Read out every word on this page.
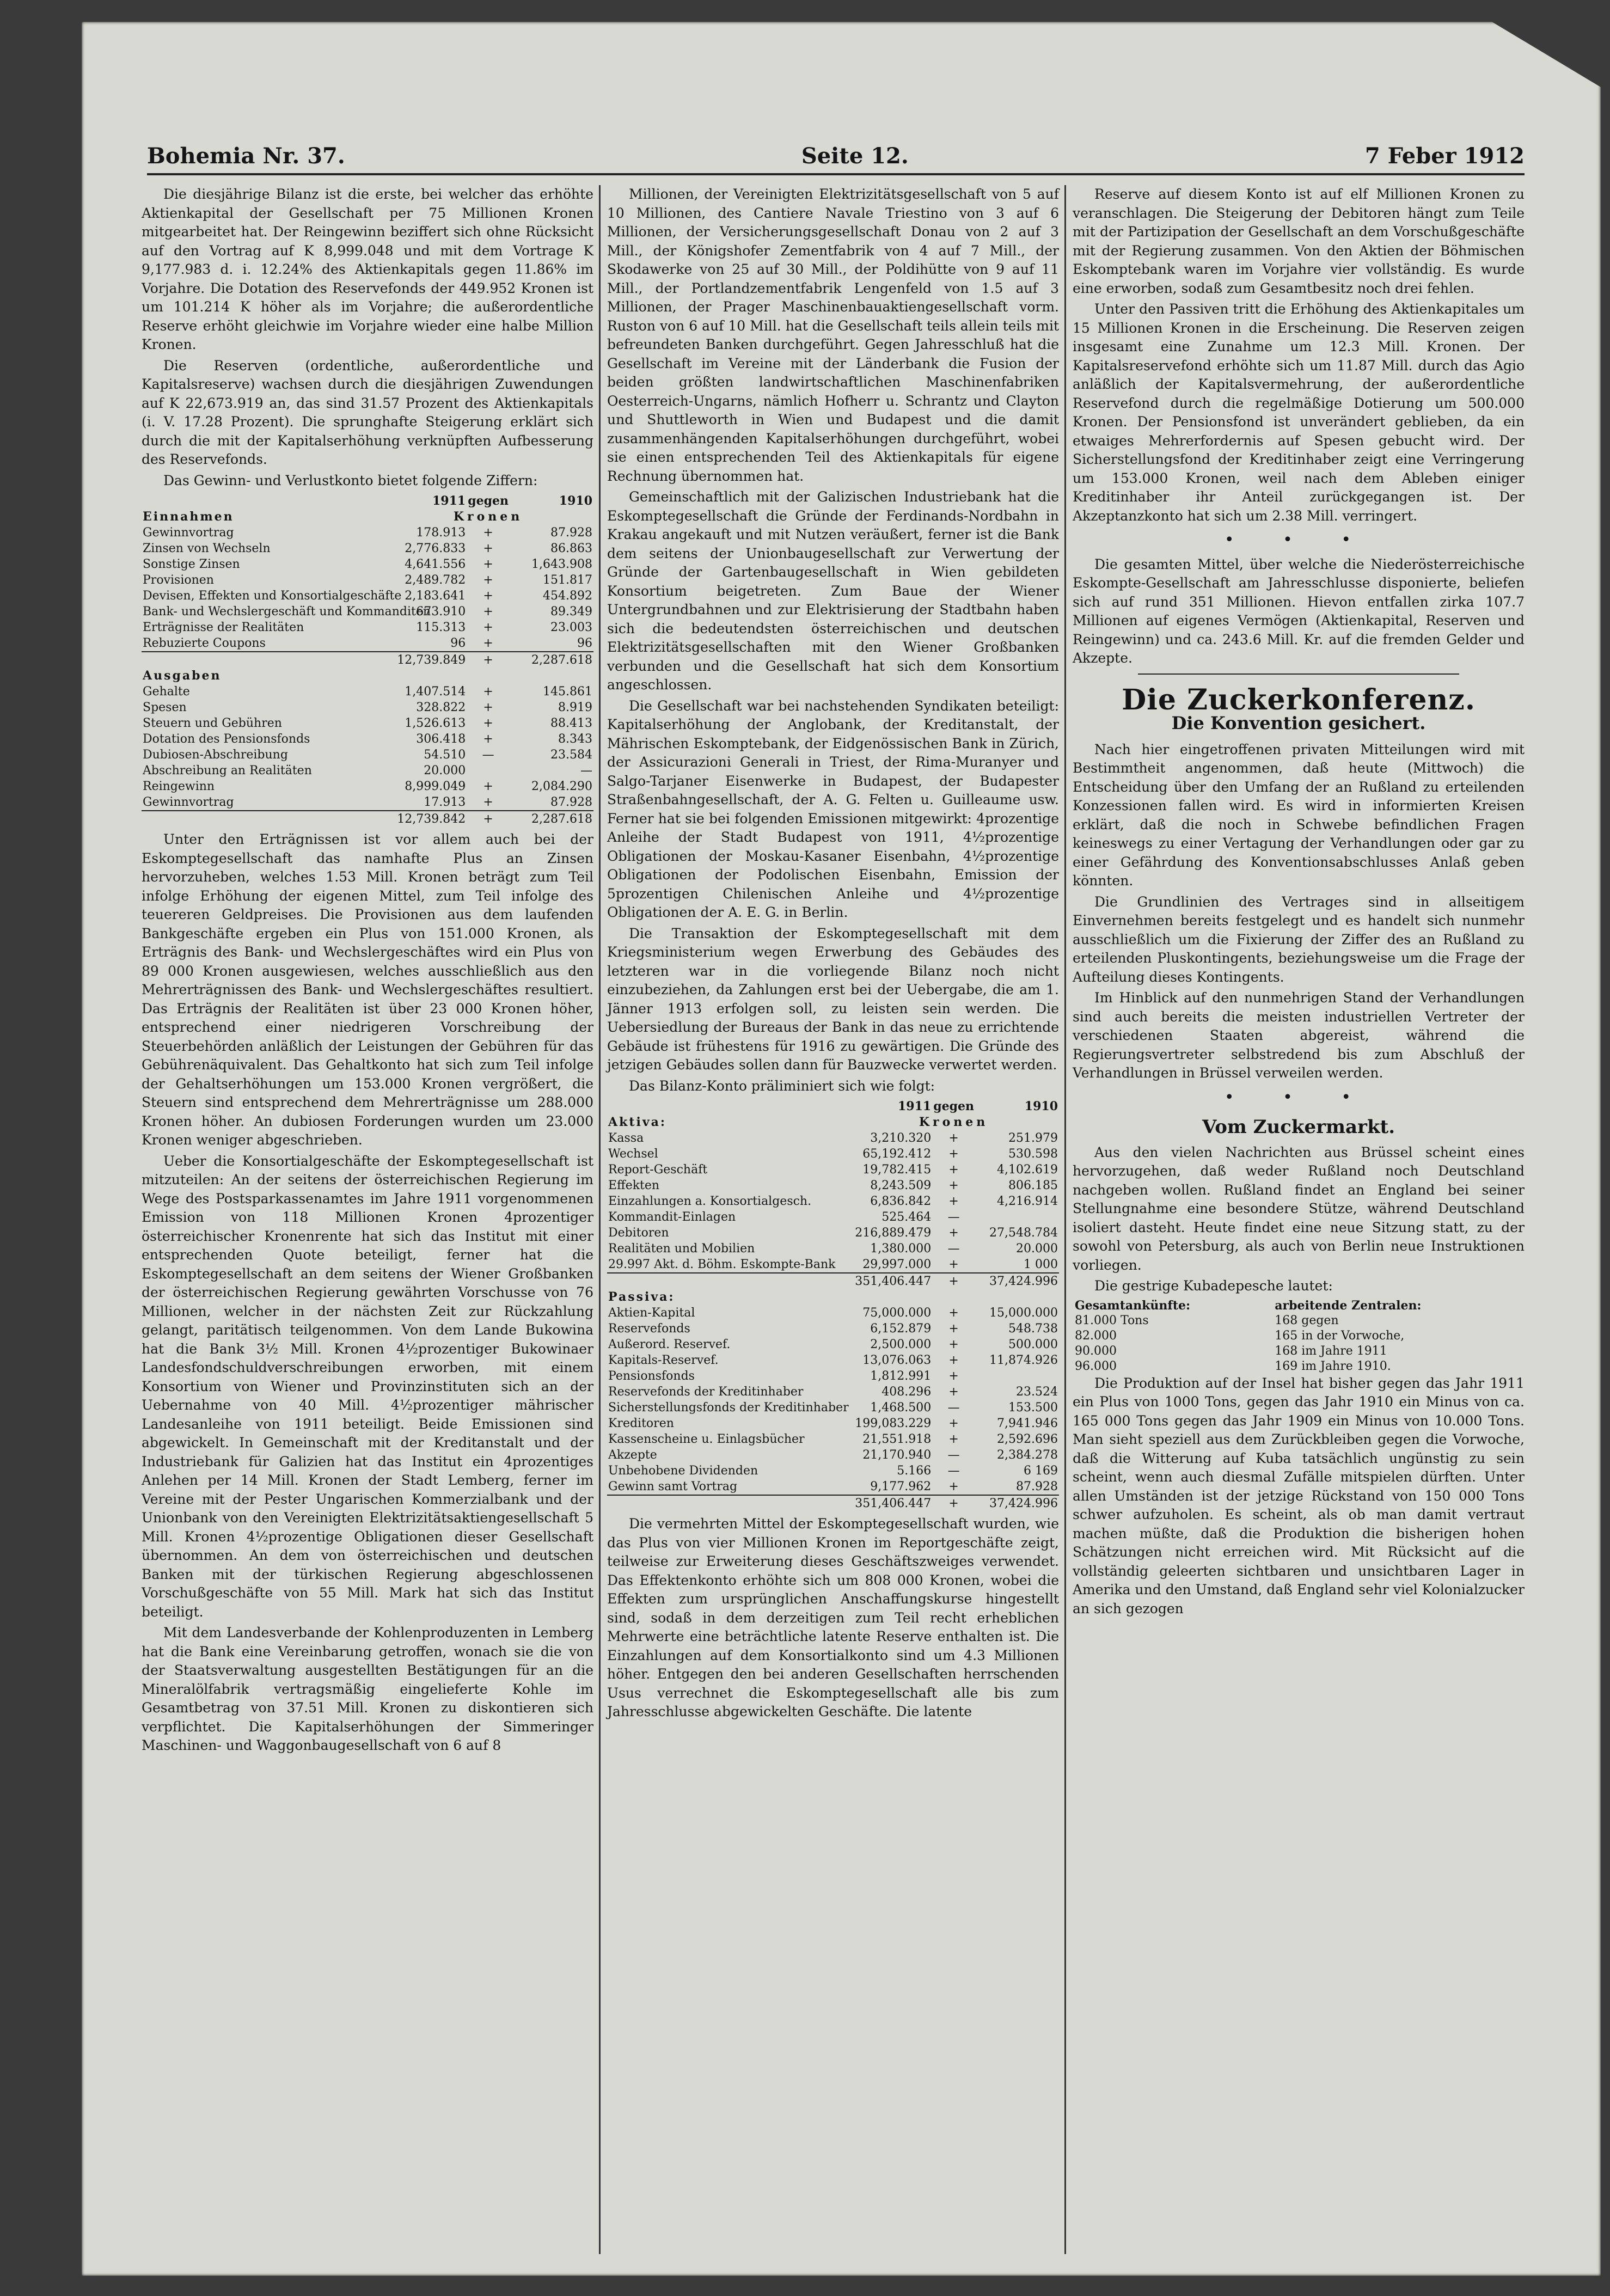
Bohemia Nr. 37.	Seite 12.	7 Feber 1912

Die diesjährige Bilanz ist die erste, bei welcher das erhöhte Aktienkapital der Gesellschaft per 75 Millionen Kronen mitgearbeitet hat. Der Reingewinn beziffert sich ohne Rücksicht auf den Vortrag auf K 8,999.048 und mit dem Vortrage K 9,177.983 d. i. 12.24% des Aktienkapitals gegen 11.86% im Vorjahre. Die Dotation des Reservefonds der 449.952 Kronen ist um 101.214 K höher als im Vorjahre; die außerordentliche Reserve erhöht gleichwie im Vorjahre wieder eine halbe Million Kronen.

Die Reserven (ordentliche, außerordentliche und Kapitalsreserve) wachsen durch die diesjährigen Zuwendungen auf K 22,673.919 an, das sind 31.57 Prozent des Aktienkapitals (i. V. 17.28 Prozent). Die sprunghafte Steigerung erklärt sich durch die mit der Kapitalserhöhung verknüpften Aufbesserung des Reservefonds.

Das Gewinn- und Verlustkonto bietet folgende Ziffern:

	1911	gegen	1910
Einnahmen	Kronen		
Gewinnvortrag	178.913	+	87.928
Zinsen von Wechseln	2,776.833	+	86.863
Sonstige Zinsen	4,641.556	+	1,643.908
Provisionen	2,489.782	+	151.817
Devisen, Effekten und Konsortialgeschäfte	2,183.641	+	454.892
Bank- und Wechslergeschäft und Kommanditen	673.910	+	89.349
Erträgnisse der Realitäten	115.313	+	23.003
Rebuzierte Coupons	96	+	96
	12,739.849	+	2,287.618
Ausgaben			
Gehalte	1,407.514	+	145.861
Spesen	328.822	+	8.919
Steuern und Gebühren	1,526.613	+	88.413
Dotation des Pensionsfonds	306.418	+	8.343
Dubiosen-Abschreibung	54.510	—	23.584
Abschreibung an Realitäten	20.000		—
Reingewinn	8,999.049	+	2,084.290
Gewinnvortrag	17.913	+	87.928
	12,739.842	+	2,287.618

Unter den Erträgnissen ist vor allem auch bei der Eskomptegesellschaft das namhafte Plus an Zinsen hervorzuheben, welches 1.53 Mill. Kronen beträgt zum Teil infolge Erhöhung der eigenen Mittel, zum Teil infolge des teuereren Geldpreises. Die Provisionen aus dem laufenden Bankgeschäfte ergeben ein Plus von 151.000 Kronen, als Erträgnis des Bank- und Wechslergeschäftes wird ein Plus von 89 000 Kronen ausgewiesen, welches ausschließlich aus den Mehrerträgnissen des Bank- und Wechslergeschäftes resultiert. Das Erträgnis der Realitäten ist über 23 000 Kronen höher, entsprechend einer niedrigeren Vorschreibung der Steuerbehörden anläßlich der Leistungen der Gebühren für das Gebührenäquivalent. Das Gehaltkonto hat sich zum Teil infolge der Gehaltserhöhungen um 153.000 Kronen vergrößert, die Steuern sind entsprechend dem Mehrerträgnisse um 288.000 Kronen höher. An dubiosen Forderungen wurden um 23.000 Kronen weniger abgeschrieben.

Ueber die Konsortialgeschäfte der Eskomptegesellschaft ist mitzuteilen: An der seitens der österreichischen Regierung im Wege des Postsparkassenamtes im Jahre 1911 vorgenommenen Emission von 118 Millionen Kronen 4prozentiger österreichischer Kronenrente hat sich das Institut mit einer entsprechenden Quote beteiligt, ferner hat die Eskomptegesellschaft an dem seitens der Wiener Großbanken der österreichischen Regierung gewährten Vorschusse von 76 Millionen, welcher in der nächsten Zeit zur Rückzahlung gelangt, paritätisch teilgenommen. Von dem Lande Bukowina hat die Bank 3½ Mill. Kronen 4½prozentiger Bukowinaer Landesfondschuldverschreibungen erworben, mit einem Konsortium von Wiener und Provinzinstituten sich an der Uebernahme von 40 Mill. 4½prozentiger mährischer Landesanleihe von 1911 beteiligt. Beide Emissionen sind abgewickelt. In Gemeinschaft mit der Kreditanstalt und der Industriebank für Galizien hat das Institut ein 4prozentiges Anlehen per 14 Mill. Kronen der Stadt Lemberg, ferner im Vereine mit der Pester Ungarischen Kommerzialbank und der Unionbank von den Vereinigten Elektrizitätsaktiengesellschaft 5 Mill. Kronen 4½prozentige Obligationen dieser Gesellschaft übernommen. An dem von österreichischen und deutschen Banken mit der türkischen Regierung abgeschlossenen Vorschußgeschäfte von 55 Mill. Mark hat sich das Institut beteiligt.

Mit dem Landesverbande der Kohlenproduzenten in Lemberg hat die Bank eine Vereinbarung getroffen, wonach sie die von der Staatsverwaltung ausgestellten Bestätigungen für an die Mineralölfabrik vertragsmäßig eingelieferte Kohle im Gesamtbetrag von 37.51 Mill. Kronen zu diskontieren sich verpflichtet. Die Kapitalserhöhungen der Simmeringer Maschinen- und Waggonbaugesellschaft von 6 auf 8

Millionen, der Vereinigten Elektrizitätsgesellschaft von 5 auf 10 Millionen, des Cantiere Navale Triestino von 3 auf 6 Millionen, der Versicherungsgesellschaft Donau von 2 auf 3 Mill., der Königshofer Zementfabrik von 4 auf 7 Mill., der Skodawerke von 25 auf 30 Mill., der Poldihütte von 9 auf 11 Mill., der Portlandzementfabrik Lengenfeld von 1.5 auf 3 Millionen, der Prager Maschinenbauaktiengesellschaft vorm. Ruston von 6 auf 10 Mill. hat die Gesellschaft teils allein teils mit befreundeten Banken durchgeführt. Gegen Jahresschluß hat die Gesellschaft im Vereine mit der Länderbank die Fusion der beiden größten landwirtschaftlichen Maschinenfabriken Oesterreich-Ungarns, nämlich Hofherr u. Schrantz und Clayton und Shuttleworth in Wien und Budapest und die damit zusammenhängenden Kapitalserhöhungen durchgeführt, wobei sie einen entsprechenden Teil des Aktienkapitals für eigene Rechnung übernommen hat.

Gemeinschaftlich mit der Galizischen Industriebank hat die Eskomptegesellschaft die Gründe der Ferdinands-Nordbahn in Krakau angekauft und mit Nutzen veräußert, ferner ist die Bank dem seitens der Unionbaugesellschaft zur Verwertung der Gründe der Gartenbaugesellschaft in Wien gebildeten Konsortium beigetreten. Zum Baue der Wiener Untergrundbahnen und zur Elektrisierung der Stadtbahn haben sich die bedeutendsten österreichischen und deutschen Elektrizitätsgesellschaften mit den Wiener Großbanken verbunden und die Gesellschaft hat sich dem Konsortium angeschlossen.

Die Gesellschaft war bei nachstehenden Syndikaten beteiligt: Kapitalserhöhung der Anglobank, der Kreditanstalt, der Mährischen Eskomptebank, der Eidgenössischen Bank in Zürich, der Assicurazioni Generali in Triest, der Rima-Muranyer und Salgo-Tarjaner Eisenwerke in Budapest, der Budapester Straßenbahngesellschaft, der A. G. Felten u. Guilleaume usw. Ferner hat sie bei folgenden Emissionen mitgewirkt: 4prozentige Anleihe der Stadt Budapest von 1911, 4½prozentige Obligationen der Moskau-Kasaner Eisenbahn, 4½prozentige Obligationen der Podolischen Eisenbahn, Emission der 5prozentigen Chilenischen Anleihe und 4½prozentige Obligationen der A. E. G. in Berlin.

Die Transaktion der Eskomptegesellschaft mit dem Kriegsministerium wegen Erwerbung des Gebäudes des letzteren war in die vorliegende Bilanz noch nicht einzubeziehen, da Zahlungen erst bei der Uebergabe, die am 1. Jänner 1913 erfolgen soll, zu leisten sein werden. Die Uebersiedlung der Bureaus der Bank in das neue zu errichtende Gebäude ist frühestens für 1916 zu gewärtigen. Die Gründe des jetzigen Gebäudes sollen dann für Bauzwecke verwertet werden.

Das Bilanz-Konto präliminiert sich wie folgt:

	1911	gegen	1910
Aktiva:	Kronen		
Kassa	3,210.320	+	251.979
Wechsel	65,192.412	+	530.598
Report-Geschäft	19,782.415	+	4,102.619
Effekten	8,243.509	+	806.185
Einzahlungen a. Konsortialgesch.	6,836.842	+	4,216.914
Kommandit-Einlagen	525.464	—	
Debitoren	216,889.479	+	27,548.784
Realitäten und Mobilien	1,380.000	—	20.000
29.997 Akt. d. Böhm. Eskompte-Bank	29,997.000	+	1 000
	351,406.447	+	37,424.996
Passiva:			
Aktien-Kapital	75,000.000	+	15,000.000
Reservefonds	6,152.879	+	548.738
Außerord. Reservef.	2,500.000	+	500.000
Kapitals-Reservef.	13,076.063	+	11,874.926
Pensionsfonds	1,812.991	+	
Reservefonds der Kreditinhaber	408.296	+	23.524
Sicherstellungsfonds der Kreditinhaber	1,468.500	—	153.500
Kreditoren	199,083.229	+	7,941.946
Kassenscheine u. Einlagsbücher	21,551.918	+	2,592.696
Akzepte	21,170.940	—	2,384.278
Unbehobene Dividenden	5.166	—	6 169
Gewinn samt Vortrag	9,177.962	+	87.928
	351,406.447	+	37,424.996

Die vermehrten Mittel der Eskomptegesellschaft wurden, wie das Plus von vier Millionen Kronen im Reportgeschäfte zeigt, teilweise zur Erweiterung dieses Geschäftszweiges verwendet. Das Effektenkonto erhöhte sich um 808 000 Kronen, wobei die Effekten zum ursprünglichen Anschaffungskurse hingestellt sind, sodaß in dem derzeitigen zum Teil recht erheblichen Mehrwerte eine beträchtliche latente Reserve enthalten ist. Die Einzahlungen auf dem Konsortialkonto sind um 4.3 Millionen höher. Entgegen den bei anderen Gesellschaften herrschenden Usus verrechnet die Eskomptegesellschaft alle bis zum Jahresschlusse abgewickelten Geschäfte. Die latente

Reserve auf diesem Konto ist auf elf Millionen Kronen zu veranschlagen. Die Steigerung der Debitoren hängt zum Teile mit der Partizipation der Gesellschaft an dem Vorschußgeschäfte mit der Regierung zusammen. Von den Aktien der Böhmischen Eskomptebank waren im Vorjahre vier vollständig. Es wurde eine erworben, sodaß zum Gesamtbesitz noch drei fehlen.

Unter den Passiven tritt die Erhöhung des Aktienkapitales um 15 Millionen Kronen in die Erscheinung. Die Reserven zeigen insgesamt eine Zunahme um 12.3 Mill. Kronen. Der Kapitalsreservefond erhöhte sich um 11.87 Mill. durch das Agio anläßlich der Kapitalsvermehrung, der außerordentliche Reservefond durch die regelmäßige Dotierung um 500.000 Kronen. Der Pensionsfond ist unverändert geblieben, da ein etwaiges Mehrerfordernis auf Spesen gebucht wird. Der Sicherstellungsfond der Kreditinhaber zeigt eine Verringerung um 153.000 Kronen, weil nach dem Ableben einiger Kreditinhaber ihr Anteil zurückgegangen ist. Der Akzeptanzkonto hat sich um 2.38 Mill. verringert.

• • •

Die gesamten Mittel, über welche die Niederösterreichische Eskompte-Gesellschaft am Jahresschlusse disponierte, beliefen sich auf rund 351 Millionen. Hievon entfallen zirka 107.7 Millionen auf eigenes Vermögen (Aktienkapital, Reserven und Reingewinn) und ca. 243.6 Mill. Kr. auf die fremden Gelder und Akzepte.

Die Zuckerkonferenz.
Die Konvention gesichert.

Nach hier eingetroffenen privaten Mitteilungen wird mit Bestimmtheit angenommen, daß heute (Mittwoch) die Entscheidung über den Umfang der an Rußland zu erteilenden Konzessionen fallen wird. Es wird in informierten Kreisen erklärt, daß die noch in Schwebe befindlichen Fragen keineswegs zu einer Vertagung der Verhandlungen oder gar zu einer Gefährdung des Konventionsabschlusses Anlaß geben könnten.

Die Grundlinien des Vertrages sind in allseitigem Einvernehmen bereits festgelegt und es handelt sich nunmehr ausschließlich um die Fixierung der Ziffer des an Rußland zu erteilenden Pluskontingents, beziehungsweise um die Frage der Aufteilung dieses Kontingents.

Im Hinblick auf den nunmehrigen Stand der Verhandlungen sind auch bereits die meisten industriellen Vertreter der verschiedenen Staaten abgereist, während die Regierungsvertreter selbstredend bis zum Abschluß der Verhandlungen in Brüssel verweilen werden.

• • •
Vom Zuckermarkt.

Aus den vielen Nachrichten aus Brüssel scheint eines hervorzugehen, daß weder Rußland noch Deutschland nachgeben wollen. Rußland findet an England bei seiner Stellungnahme eine besondere Stütze, während Deutschland isoliert dasteht. Heute findet eine neue Sitzung statt, zu der sowohl von Petersburg, als auch von Berlin neue Instruktionen vorliegen.

Die gestrige Kubadepesche lautet:

Gesamtankünfte:	arbeitende Zentralen:
81.000 Tons	168 gegen
82.000	165 in der Vorwoche,
90.000	168 im Jahre 1911
96.000	169 im Jahre 1910.

Die Produktion auf der Insel hat bisher gegen das Jahr 1911 ein Plus von 1000 Tons, gegen das Jahr 1910 ein Minus von ca. 165 000 Tons gegen das Jahr 1909 ein Minus von 10.000 Tons. Man sieht speziell aus dem Zurückbleiben gegen die Vorwoche, daß die Witterung auf Kuba tatsächlich ungünstig zu sein scheint, wenn auch diesmal Zufälle mitspielen dürften. Unter allen Umständen ist der jetzige Rückstand von 150 000 Tons schwer aufzuholen. Es scheint, als ob man damit vertraut machen müßte, daß die Produktion die bisherigen hohen Schätzungen nicht erreichen wird. Mit Rücksicht auf die vollständig geleerten sichtbaren und unsichtbaren Lager in Amerika und den Umstand, daß England sehr viel Kolonialzucker an sich gezogen
